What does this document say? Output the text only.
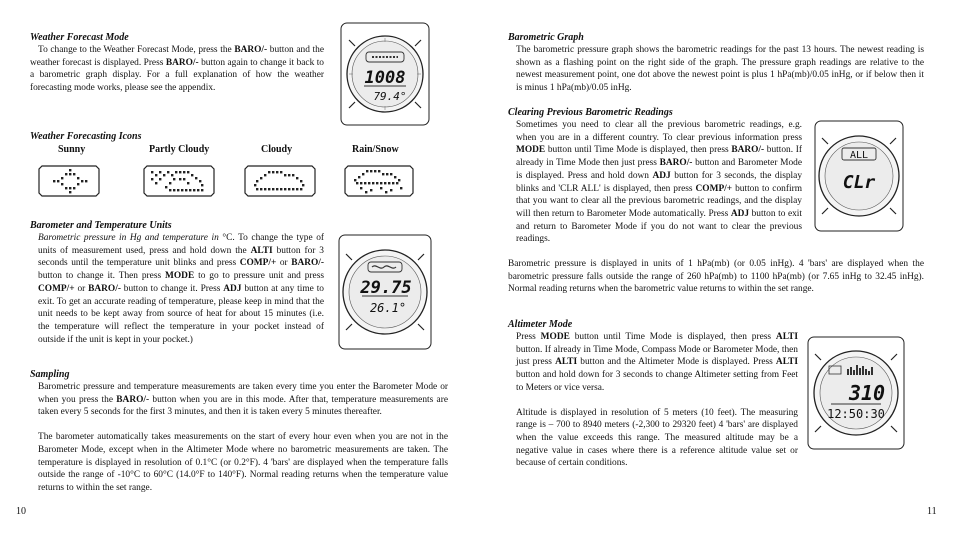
Weather Forecast Mode

To change to the Weather Forecast Mode, press the BARO/- button and the weather forecast is displayed. Press BARO/- button again to change it back to a barometric graph display. For a full explanation of how the weather forecasting mode works, please see the appendix.

1008
79.4°

Weather Forecasting Icons

Sunny	Partly Cloudy	Cloudy	Rain/Snow

Barometer and Temperature Units

Barometric pressure in Hg and temperature in °C. To change the type of units of measurement used, press and hold down the ALTI button for 3 seconds until the temperature unit blinks and press COMP/+ or BARO/- button to change it. Then press MODE to go to pressure unit and press COMP/+ or BARO/- button to change it. Press ADJ button at any time to exit. To get an accurate reading of temperature, please keep in mind that the unit needs to be kept away from source of heat for about 15 minutes (i.e. the temperature will reflect the temperature in your pocket instead of outside if the unit is kept in your pocket.)

29.75
26.1°

Sampling

Barometric pressure and temperature measurements are taken every time you enter the Barometer Mode or when you press the BARO/- button when you are in this mode. After that, temperature measurements are taken every 5 seconds for the first 3 minutes, and then it is taken every 5 minutes thereafter.

The barometer automatically takes measurements on the start of every hour even when you are not in the Barometer Mode, except when in the Altimeter Mode where no barometric measurements are taken. The temperature is displayed in resolution of 0.1°C (or 0.2°F). 4 'bars' are displayed when the temperature falls outside the range of -10°C to 60°C (14.0°F to 140°F). Normal reading returns when the temperature value returns to within the set range.

10

Barometric Graph

The barometric pressure graph shows the barometric readings for the past 13 hours. The newest reading is shown as a flashing point on the right side of the graph. The pressure graph readings are relative to the newest measurement point, one dot above the newest point is plus 1 hPa(mb)/0.05 inHg, or if below then it is minus 1 hPa(mb)/0.05 inHg.

Clearing Previous Barometric Readings

Sometimes you need to clear all the previous barometric readings, e.g. when you are in a different country. To clear previous information press MODE button until Time Mode is displayed, then press BARO/- button. If already in Time Mode then just press BARO/- button and Barometer Mode is displayed. Press and hold down ADJ button for 3 seconds, the display blinks and 'CLR ALL' is displayed, then press COMP/+ button to confirm that you want to clear all the previous barometric readings, and the display will then return to Barometer Mode automatically. Press ADJ button to exit and return to Barometer Mode if you do not want to clear the previous readings.

Barometric pressure is displayed in units of 1 hPa(mb) (or 0.05 inHg). 4 'bars' are displayed when the barometric pressure falls outside the range of 260 hPa(mb) to 1100 hPa(mb) (or 7.65 inHg to 32.45 inHg). Normal reading returns when the barometric value returns to within the set range.

ALL
CLr

Altimeter Mode

Press MODE button until Time Mode is displayed, then press ALTI button. If already in Time Mode, Compass Mode or Barometer Mode, then just press ALTI button and the Altimeter Mode is displayed. Press ALTI button and hold down for 3 seconds to change Altimeter setting from Feet to Meters or vice versa.

Altitude is displayed in resolution of 5 meters (10 feet). The measuring range is – 700 to 8940 meters (-2,300 to 29320 feet) 4 'bars' are displayed when the value exceeds this range. The measured altitude may be a negative value in cases where there is a reference altitude value set or because of certain conditions.

310
12:50:30
11
